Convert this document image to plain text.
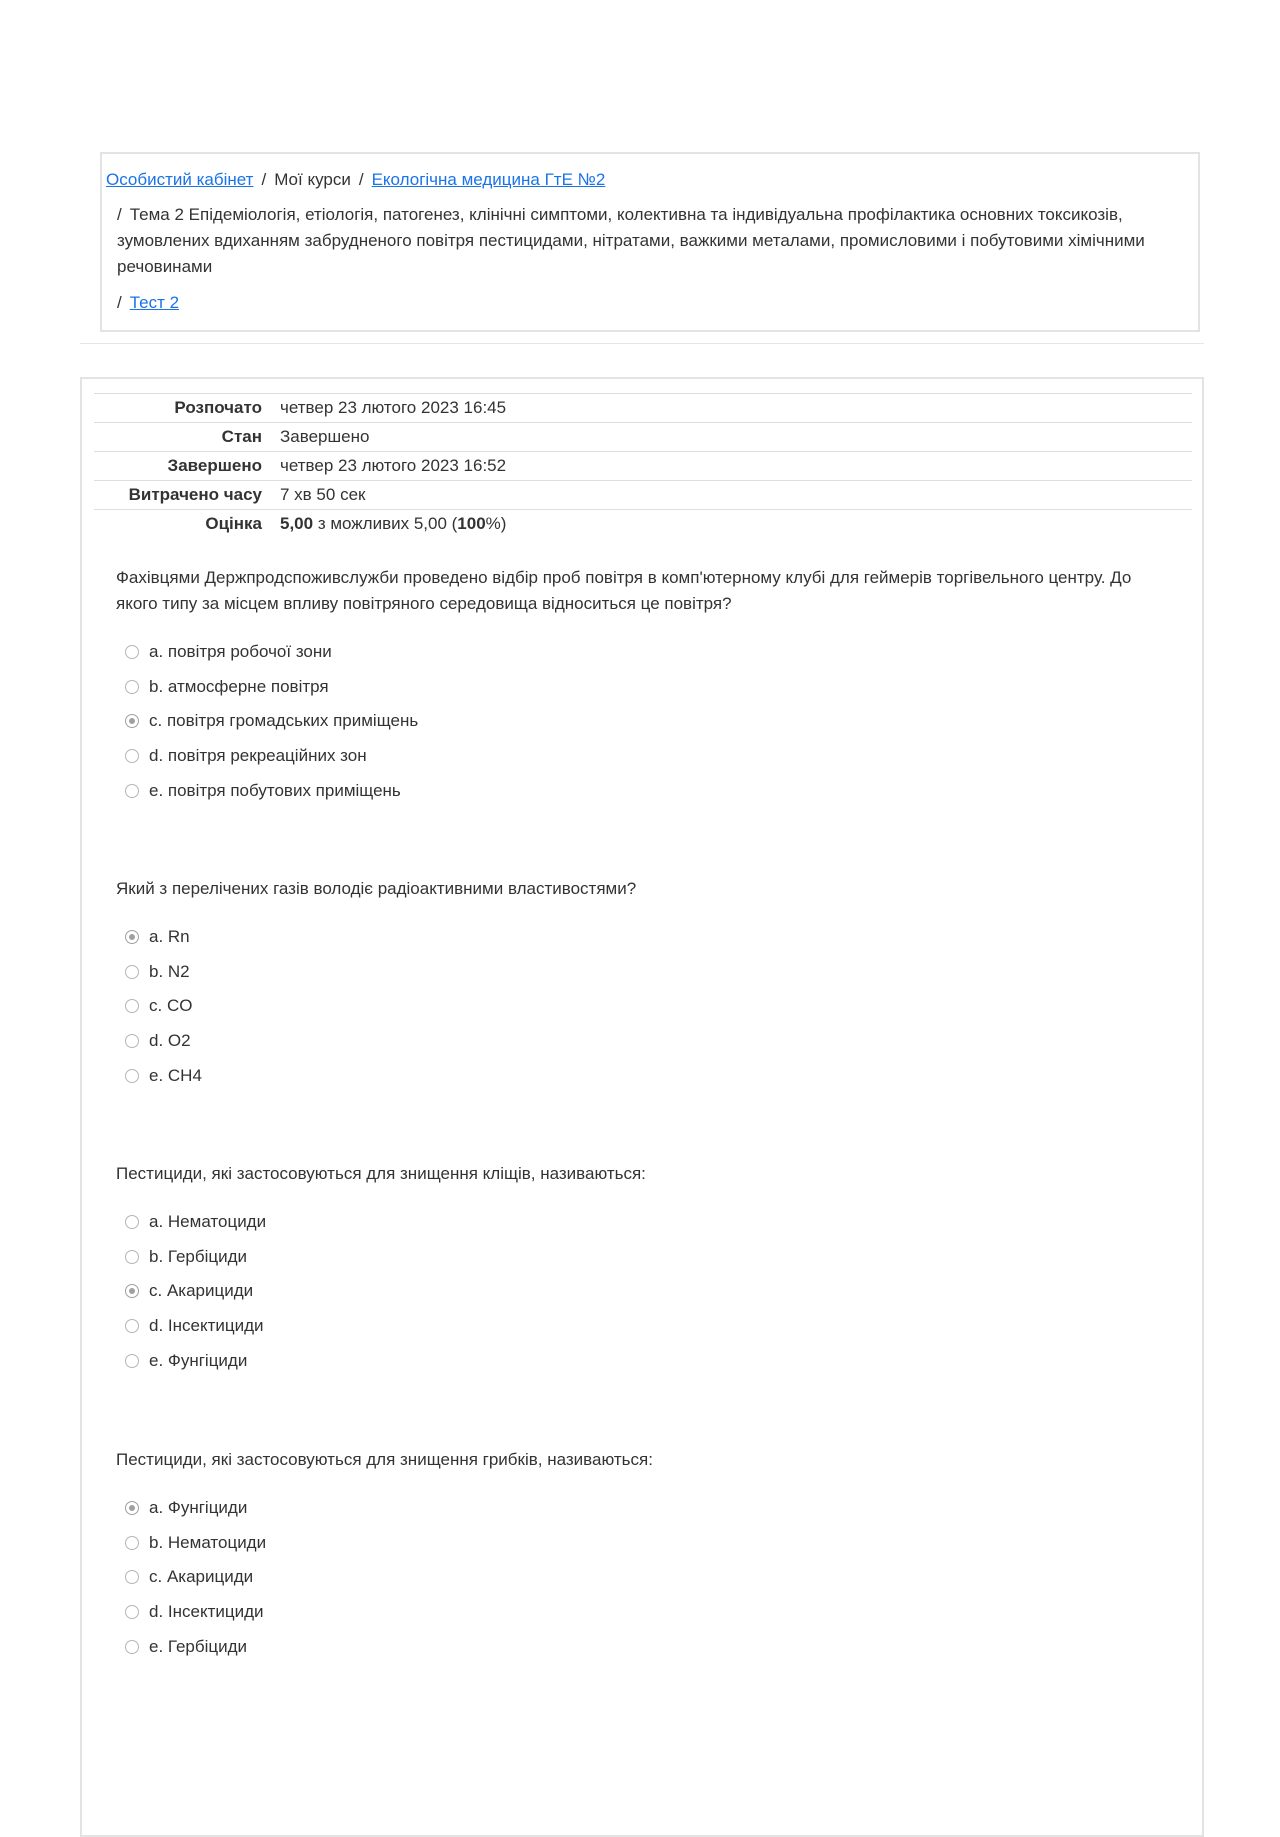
Особистий кабінет / Мої курси / Екологічна медицина ГтЕ №2
/ Тема 2 Епідеміологія, етіологія, патогенез, клінічні симптоми, колективна та індивідуальна профілактика основних токсикозів, зумовлених вдиханням забрудненого повітря пестицидами, нітратами, важкими металами, промисловими і побутовими хімічними речовинами
/ Тест 2
Розпочато	четвер 23 лютого 2023 16:45
Стан	Завершено
Завершено	четвер 23 лютого 2023 16:52
Витрачено часу	7 хв 50 сек
Оцінка	5,00 з можливих 5,00 (100%)

Фахівцями Держпродспоживслужби проведено відбір проб повітря в комп'ютерному клубі для геймерів торгівельного центру. До якого типу за місцем впливу повітряного середовища відноситься це повітря?

a. повітря робочої зони
b. атмосферне повітря
c. повітря громадських приміщень
d. повітря рекреаційних зон
e. повітря побутових приміщень

Який з перелічених газів володіє радіоактивними властивостями?

a. Rn
b. N2
c. CO
d. O2
e. CH4

Пестициди, які застосовуються для знищення кліщів, називаються:

a. Нематоциди
b. Гербіциди
c. Акарициди
d. Інсектициди
e. Фунгіциди

Пестициди, які застосовуються для знищення грибків, називаються:

a. Фунгіциди
b. Нематоциди
c. Акарициди
d. Інсектициди
e. Гербіциди
